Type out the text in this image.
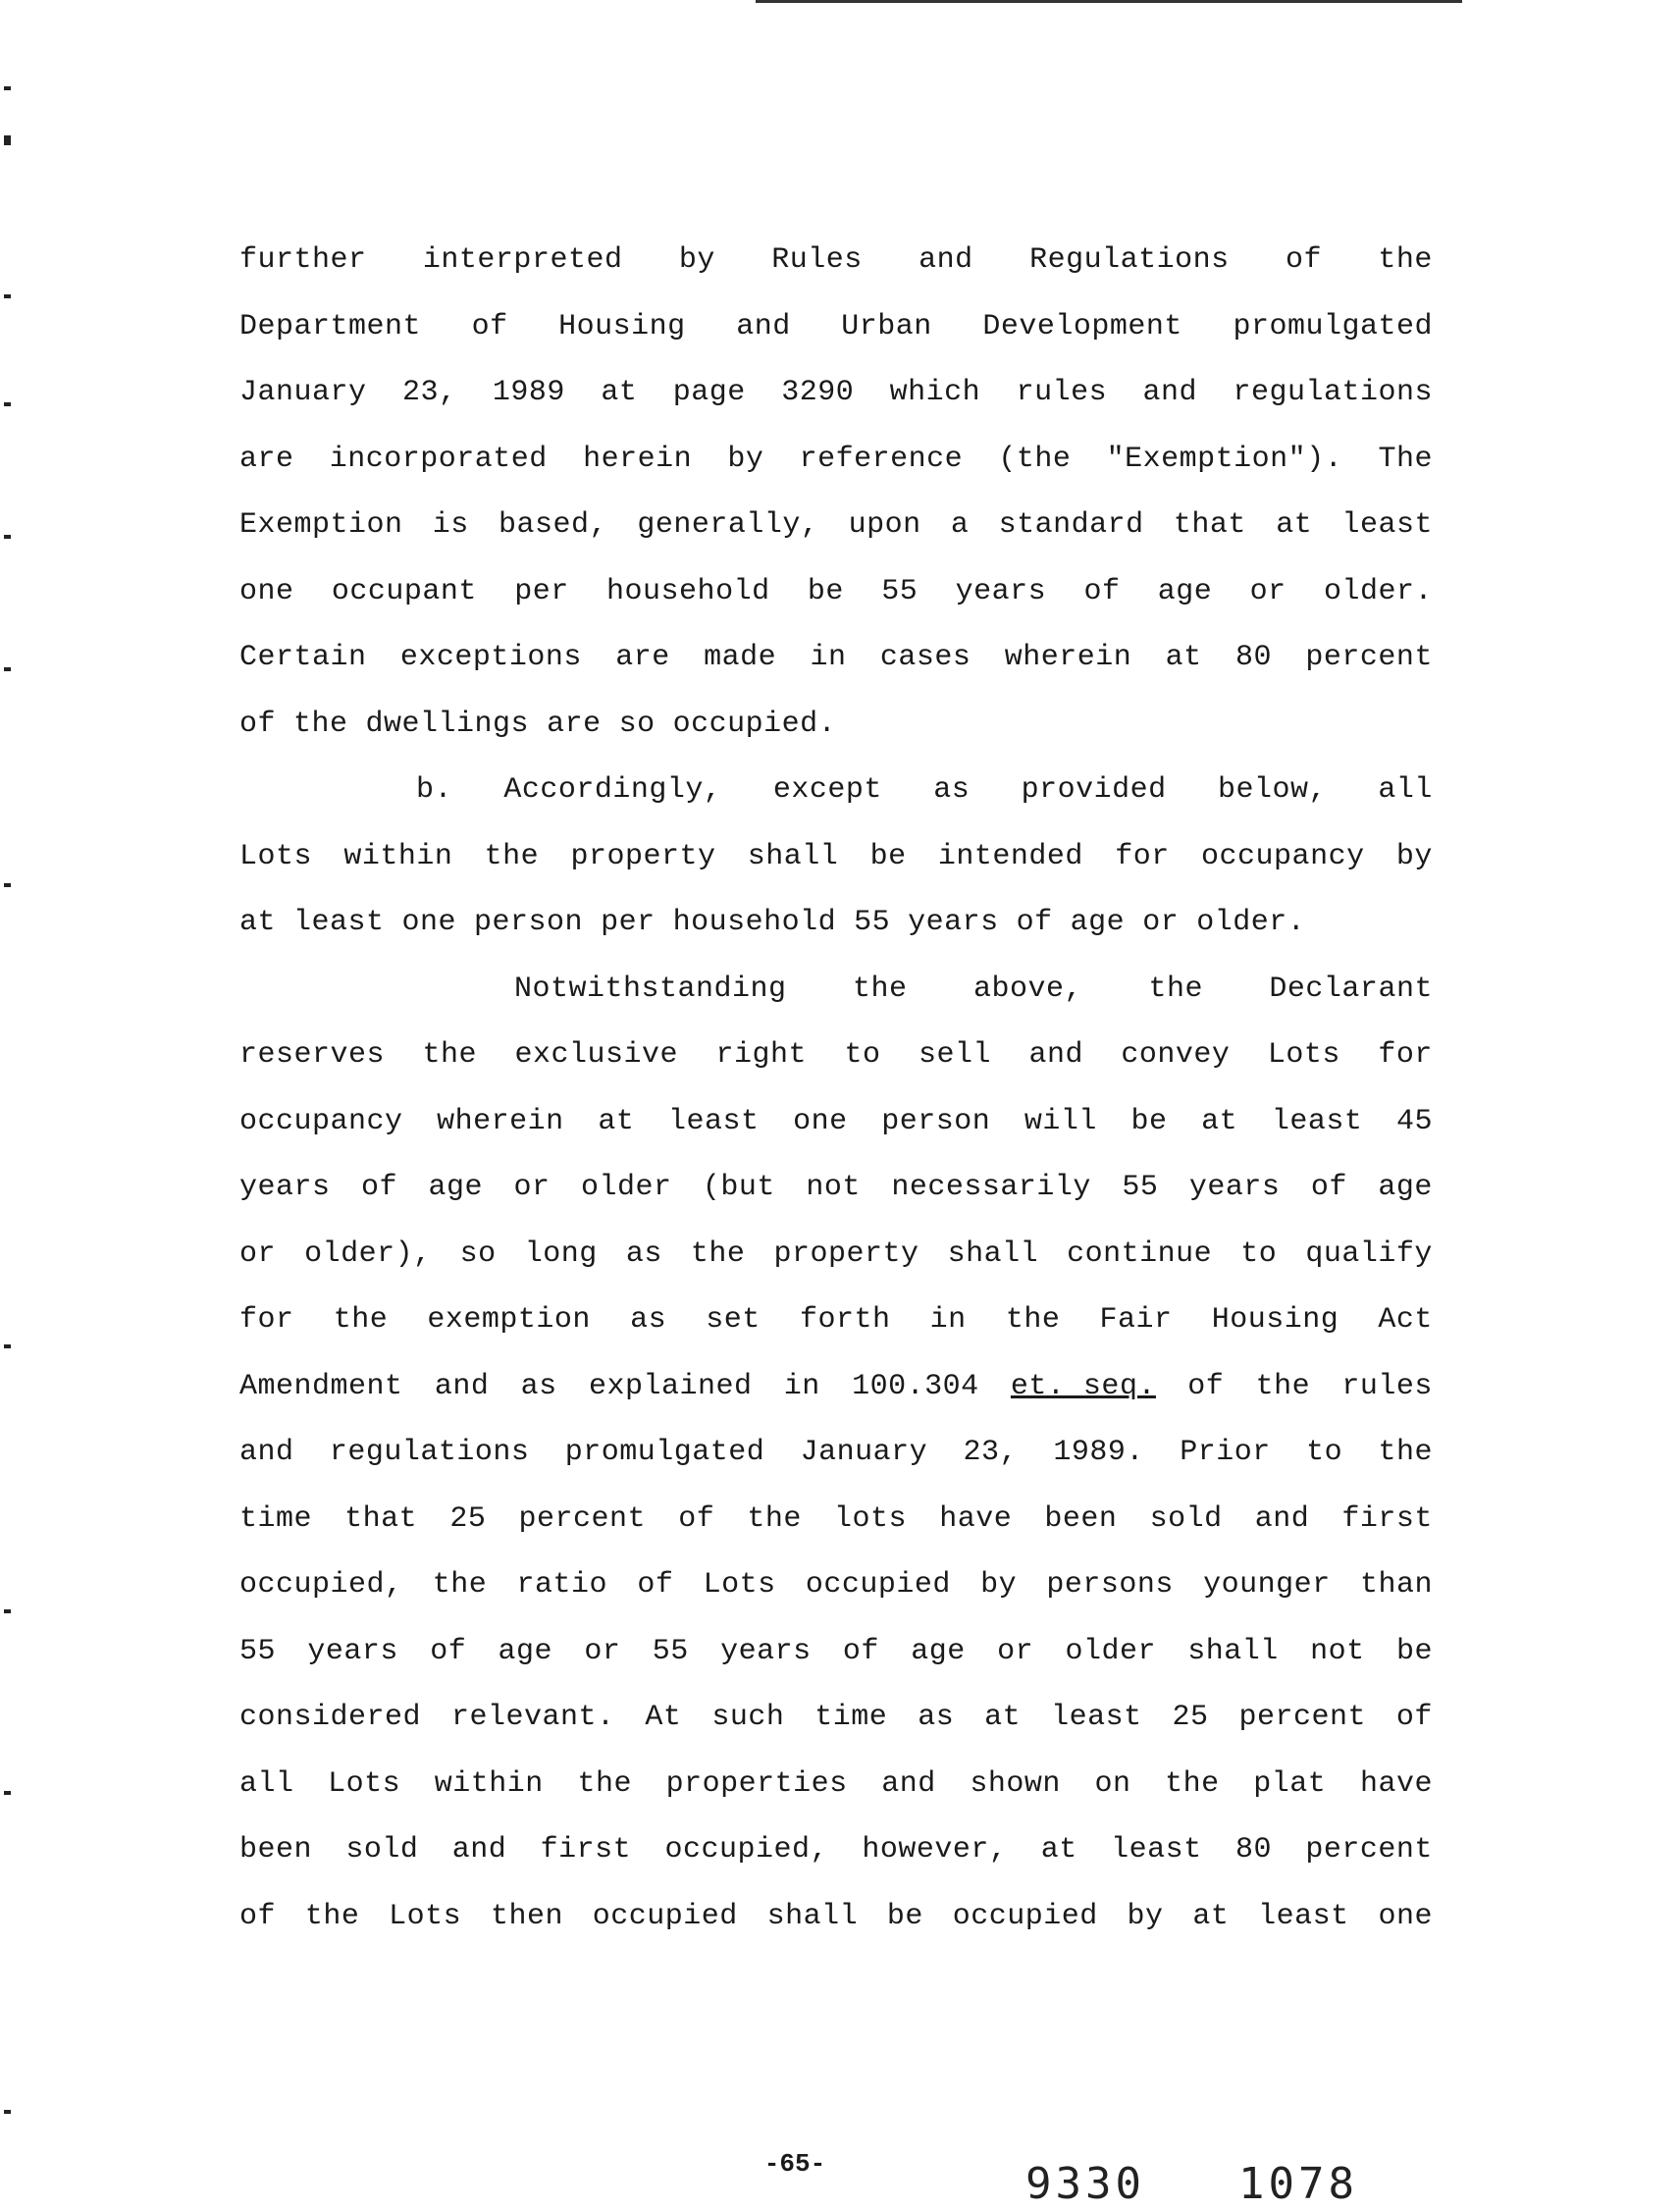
further interpreted by Rules and Regulations of the
Department of Housing and Urban Development promulgated
January 23, 1989 at page 3290 which rules and regulations
are incorporated herein by reference (the "Exemption"). The
Exemption is based, generally, upon a standard that at least
one occupant per household be 55 years of age or older.
Certain exceptions are made in cases wherein at 80 percent
of the dwellings are so occupied.
b. Accordingly, except as provided below, all
Lots within the property shall be intended for occupancy by
at least one person per household 55 years of age or older.
Notwithstanding the above, the Declarant
reserves the exclusive right to sell and convey Lots for
occupancy wherein at least one person will be at least 45
years of age or older (but not necessarily 55 years of age
or older), so long as the property shall continue to qualify
for the exemption as set forth in the Fair Housing Act
Amendment and as explained in 100.304 et. seq. of the rules
and regulations promulgated January 23, 1989. Prior to the
time that 25 percent of the lots have been sold and first
occupied, the ratio of Lots occupied by persons younger than
55 years of age or 55 years of age or older shall not be
considered relevant. At such time as at least 25 percent of
all Lots within the properties and shown on the plat have
been sold and first occupied, however, at least 80 percent
of the Lots then occupied shall be occupied by at least one
-65-	9330 1078
